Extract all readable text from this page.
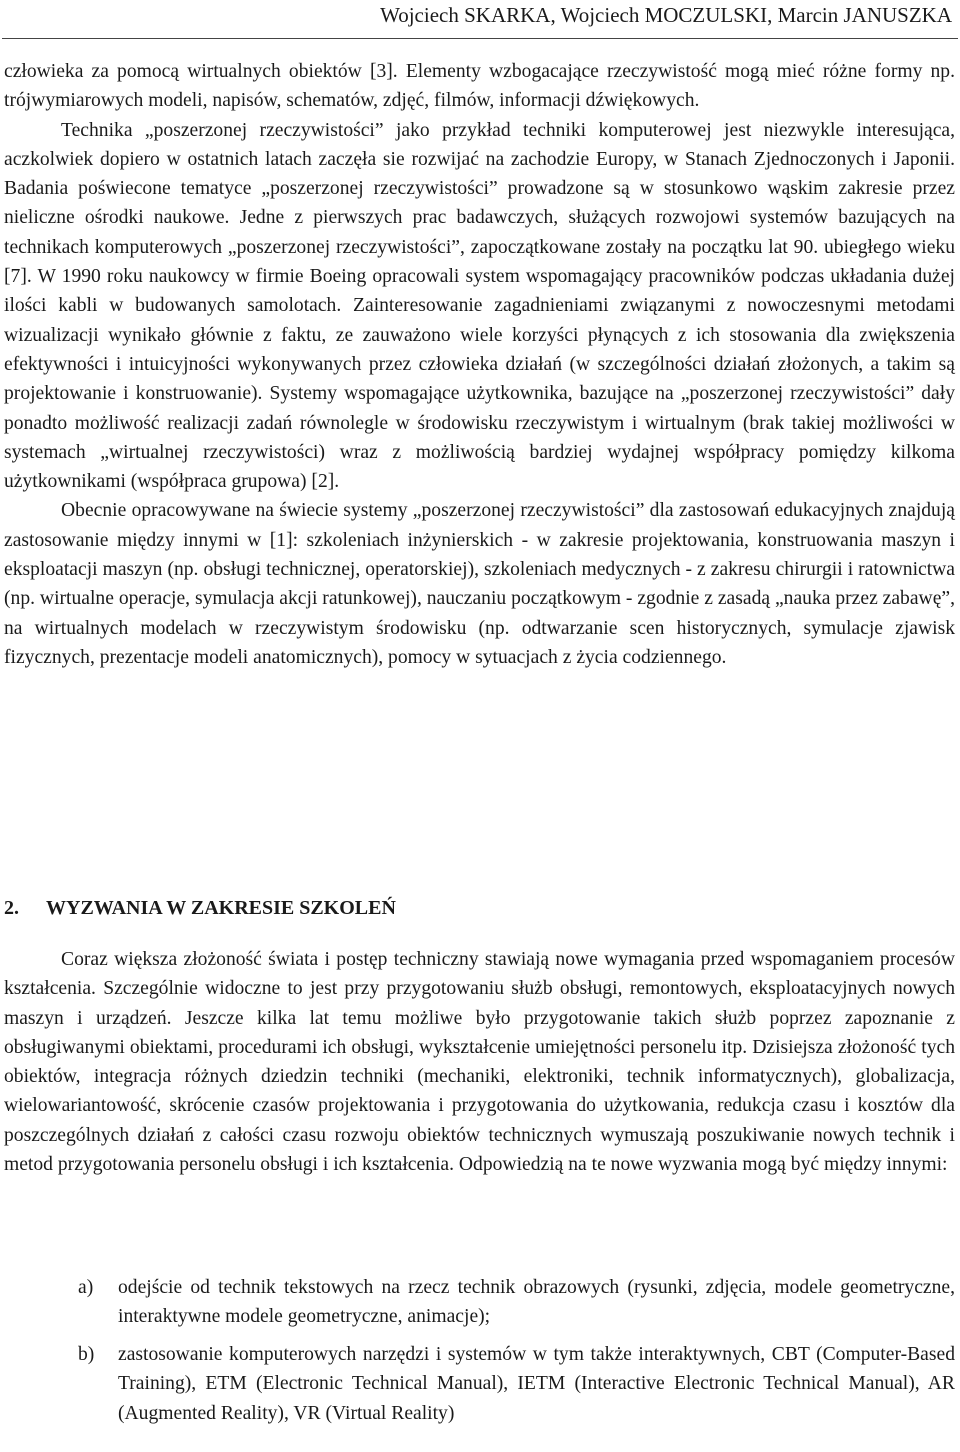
Wojciech SKARKA, Wojciech MOCZULSKI, Marcin JANUSZKA

człowieka za pomocą wirtualnych obiektów [3]. Elementy wzbogacające rzeczywistość mogą mieć różne formy np. trójwymiarowych modeli, napisów, schematów, zdjęć, filmów, informacji dźwiękowych.

Technika „poszerzonej rzeczywistości” jako przykład techniki komputerowej jest niezwykle interesująca, aczkolwiek dopiero w ostatnich latach zaczęła sie rozwijać na zachodzie Europy, w Stanach Zjednoczonych i Japonii. Badania poświecone tematyce „poszerzonej rzeczywistości” prowadzone są w stosunkowo wąskim zakresie przez nieliczne ośrodki naukowe. Jedne z pierwszych prac badawczych, służących rozwojowi systemów bazujących na technikach komputerowych „poszerzonej rzeczywistości”, zapoczątkowane zostały na początku lat 90. ubiegłego wieku [7]. W 1990 roku naukowcy w firmie Boeing opracowali system wspomagający pracowników podczas układania dużej ilości kabli w budowanych samolotach. Zainteresowanie zagadnieniami związanymi z nowoczesnymi metodami wizualizacji wynikało głównie z faktu, ze zauważono wiele korzyści płynących z ich stosowania dla zwiększenia efektywności i intuicyjności wykonywanych przez człowieka działań (w szczególności działań złożonych, a takim są projektowanie i konstruowanie). Systemy wspomagające użytkownika, bazujące na „poszerzonej rzeczywistości” dały ponadto możliwość realizacji zadań równolegle w środowisku rzeczywistym i wirtualnym (brak takiej możliwości w systemach „wirtualnej rzeczywistości) wraz z możliwością bardziej wydajnej współpracy pomiędzy kilkoma użytkownikami (współpraca grupowa) [2].

Obecnie opracowywane na świecie systemy „poszerzonej rzeczywistości” dla zastosowań edukacyjnych znajdują zastosowanie między innymi w [1]: szkoleniach inżynierskich - w zakresie projektowania, konstruowania maszyn i eksploatacji maszyn (np. obsługi technicznej, operatorskiej), szkoleniach medycznych - z zakresu chirurgii i ratownictwa (np. wirtualne operacje, symulacja akcji ratunkowej), nauczaniu początkowym - zgodnie z zasadą „nauka przez zabawę”, na wirtualnych modelach w rzeczywistym środowisku (np. odtwarzanie scen historycznych, symulacje zjawisk fizycznych, prezentacje modeli anatomicznych), pomocy w sytuacjach z życia codziennego.

2. WYZWANIA W ZAKRESIE SZKOLEŃ

Coraz większa złożoność świata i postęp techniczny stawiają nowe wymagania przed wspomaganiem procesów kształcenia. Szczególnie widoczne to jest przy przygotowaniu służb obsługi, remontowych, eksploatacyjnych nowych maszyn i urządzeń. Jeszcze kilka lat temu możliwe było przygotowanie takich służb poprzez zapoznanie z obsługiwanymi obiektami, procedurami ich obsługi, wykształcenie umiejętności personelu itp. Dzisiejsza złożoność tych obiektów, integracja różnych dziedzin techniki (mechaniki, elektroniki, technik informatycznych), globalizacja, wielowariantowość, skrócenie czasów projektowania i przygotowania do użytkowania, redukcja czasu i kosztów dla poszczególnych działań z całości czasu rozwoju obiektów technicznych wymuszają poszukiwanie nowych technik i metod przygotowania personelu obsługi i ich kształcenia. Odpowiedzią na te nowe wyzwania mogą być między innymi:

a)	odejście od technik tekstowych na rzecz technik obrazowych (rysunki, zdjęcia, modele geometryczne, interaktywne modele geometryczne, animacje);
b)	zastosowanie komputerowych narzędzi i systemów w tym także interaktywnych, CBT (Computer-Based Training), ETM (Electronic Technical Manual), IETM (Interactive Electronic Technical Manual), AR (Augmented Reality), VR (Virtual Reality)
